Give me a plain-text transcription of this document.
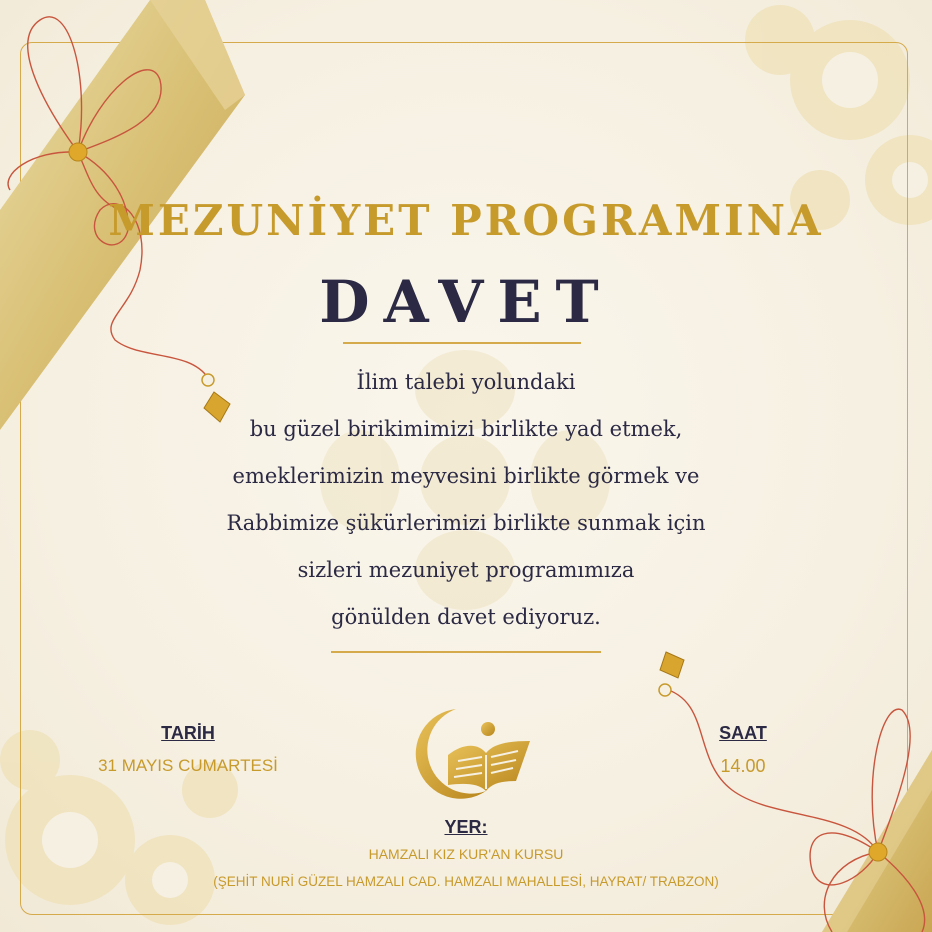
MEZUNİYET PROGRAMINA
DAVET
İlim talebi yolundaki
bu güzel birikimimizi birlikte yad etmek,
emeklerimizin meyvesini birlikte görmek ve
Rabbimize şükürlerimizi birlikte sunmak için
sizleri mezuniyet programımıza
gönülden davet ediyoruz.
TARİH
31 MAYIS CUMARTESİ
SAAT
14.00
YER:
HAMZALI KIZ KUR'AN KURSU
(ŞEHİT NURİ GÜZEL HAMZALI CAD. HAMZALI MAHALLESİ, HAYRAT/ TRABZON)
